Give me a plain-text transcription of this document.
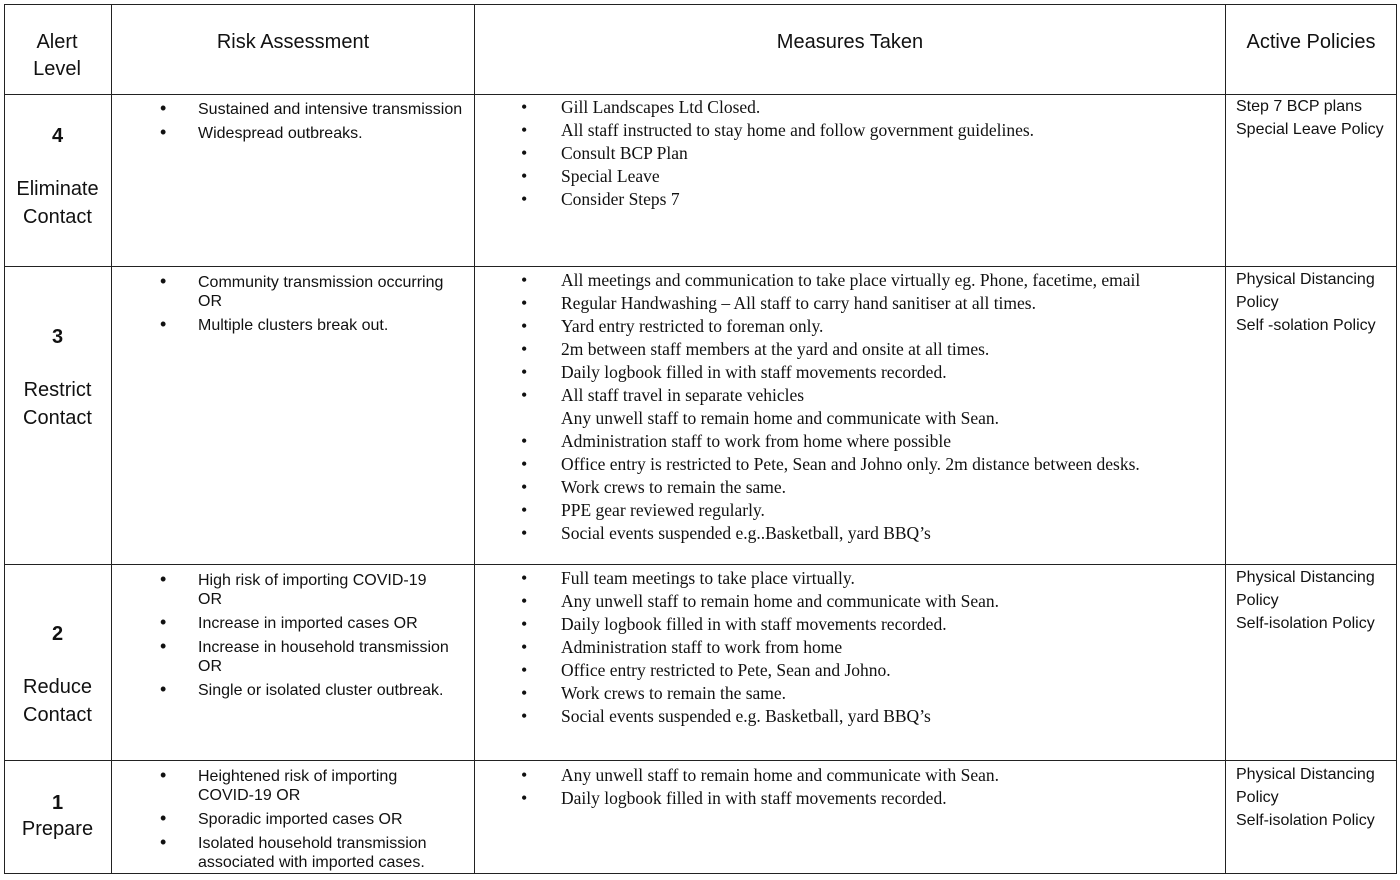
Alert Level
Risk Assessment	Measures Taken	Active Policies
4
Eliminate
Contact
• Sustained and intensive transmission
• Widespread outbreaks.
• Gill Landscapes Ltd Closed.
• All staff instructed to stay home and follow government guidelines.
• Consult BCP Plan
• Special Leave
• Consider Steps 7
Step 7 BCP plans
Special Leave Policy
3
Restrict
Contact
• Community transmission occurring OR
• Multiple clusters break out.
• All meetings and communication to take place virtually eg. Phone, facetime, email
• Regular Handwashing – All staff to carry hand sanitiser at all times.
• Yard entry restricted to foreman only.
• 2m between staff members at the yard and onsite at all times.
• Daily logbook filled in with staff movements recorded.
• All staff travel in separate vehicles
Any unwell staff to remain home and communicate with Sean.
• Administration staff to work from home where possible
• Office entry is restricted to Pete, Sean and Johno only. 2m distance between desks.
• Work crews to remain the same.
• PPE gear reviewed regularly.
• Social events suspended e.g..Basketball, yard BBQ’s
Physical Distancing Policy
Self -solation Policy
2
Reduce
Contact
• High risk of importing COVID-19 OR
• Increase in imported cases OR
• Increase in household transmission OR
• Single or isolated cluster outbreak.
• Full team meetings to take place virtually.
• Any unwell staff to remain home and communicate with Sean.
• Daily logbook filled in with staff movements recorded.
• Administration staff to work from home
• Office entry restricted to Pete, Sean and Johno.
• Work crews to remain the same.
• Social events suspended e.g. Basketball, yard BBQ’s
Physical Distancing Policy
Self-isolation Policy
1
Prepare
• Heightened risk of importing COVID-19 OR
• Sporadic imported cases OR
• Isolated household transmission associated with imported cases.
• Any unwell staff to remain home and communicate with Sean.
• Daily logbook filled in with staff movements recorded.
Physical Distancing Policy
Self-isolation Policy
